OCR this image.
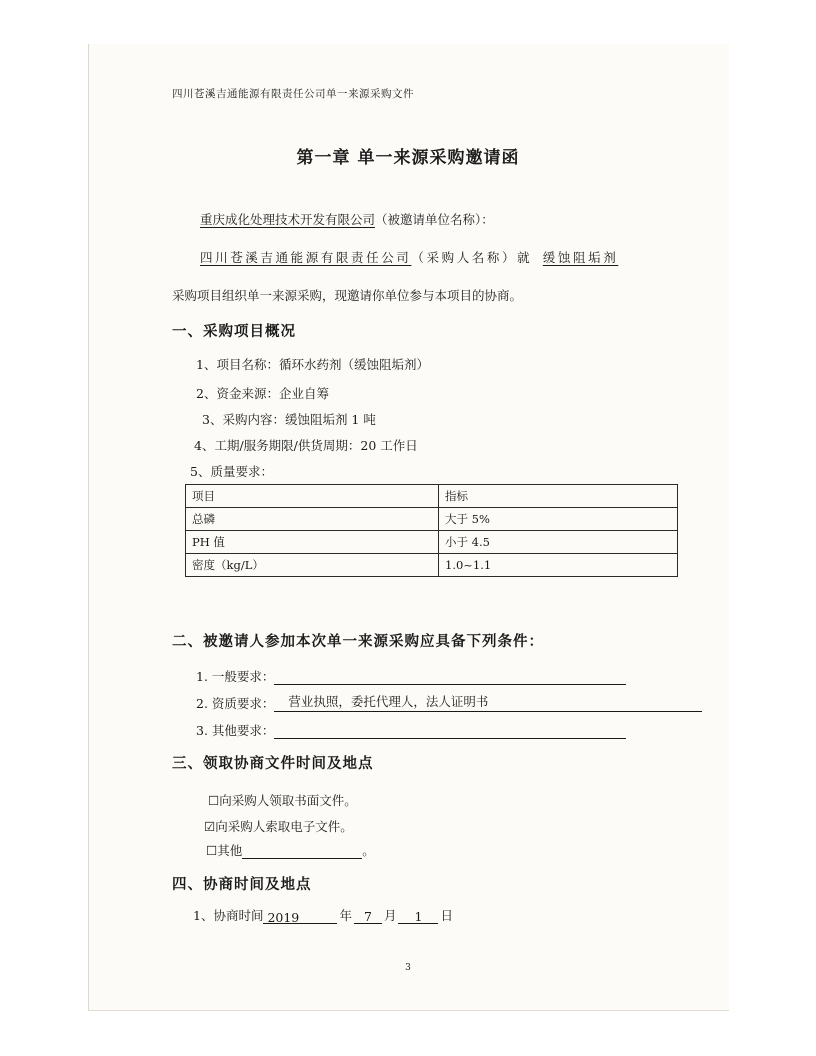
四川苍溪吉通能源有限责任公司单一来源采购文件
第一章 单一来源采购邀请函
重庆成化处理技术开发有限公司（被邀请单位名称）：
四川苍溪吉通能源有限责任公司（采购人名称）就 缓蚀阻垢剂
采购项目组织单一来源采购，现邀请你单位参与本项目的协商。
一、采购项目概况
1、项目名称：循环水药剂（缓蚀阻垢剂）
2、资金来源：企业自筹
3、采购内容：缓蚀阻垢剂 1 吨
4、工期/服务期限/供货周期：20 工作日
5、质量要求：
项目	指标
总磷	大于 5%
PH 值	小于 4.5
密度（kg/L）	1.0~1.1
二、被邀请人参加本次单一来源采购应具备下列条件：
1. 一般要求：
2. 资质要求： 营业执照，委托代理人，法人证明书
3. 其他要求：
三、领取协商文件时间及地点
☐向采购人领取书面文件。
☑向采购人索取电子文件。
☐其他	。
四、协商时间及地点
1、协商时间 2019	年 7 月 1 日
3
